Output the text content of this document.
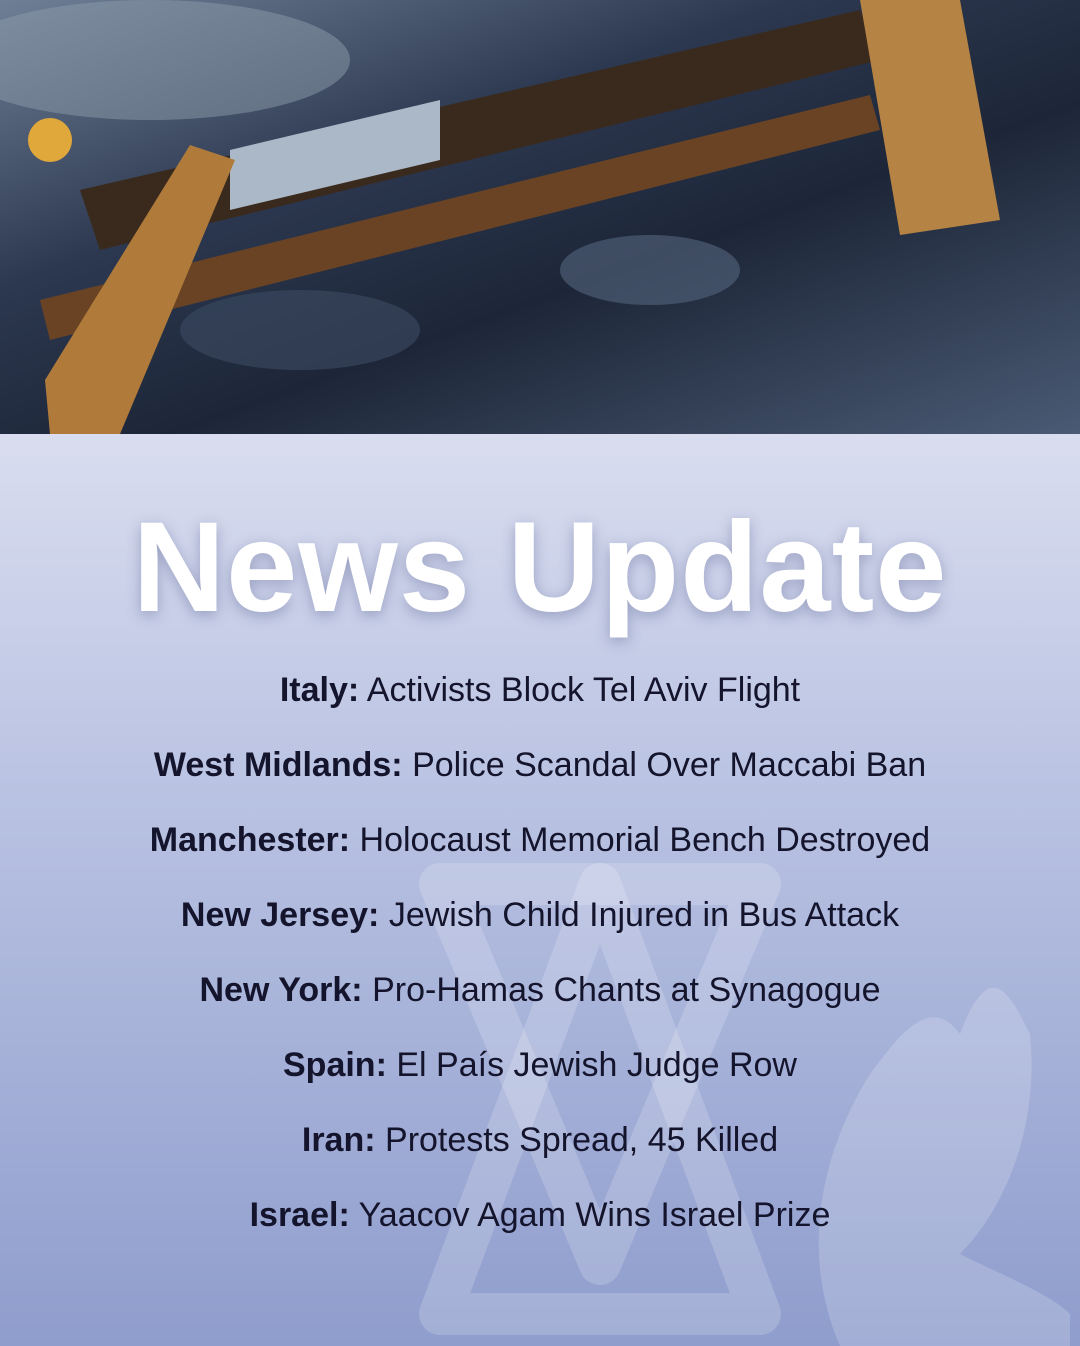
News Update
Italy: Activists Block Tel Aviv Flight
West Midlands: Police Scandal Over Maccabi Ban
Manchester: Holocaust Memorial Bench Destroyed
New Jersey: Jewish Child Injured in Bus Attack
New York: Pro-Hamas Chants at Synagogue
Spain: El País Jewish Judge Row
Iran: Protests Spread, 45 Killed
Israel: Yaacov Agam Wins Israel Prize
